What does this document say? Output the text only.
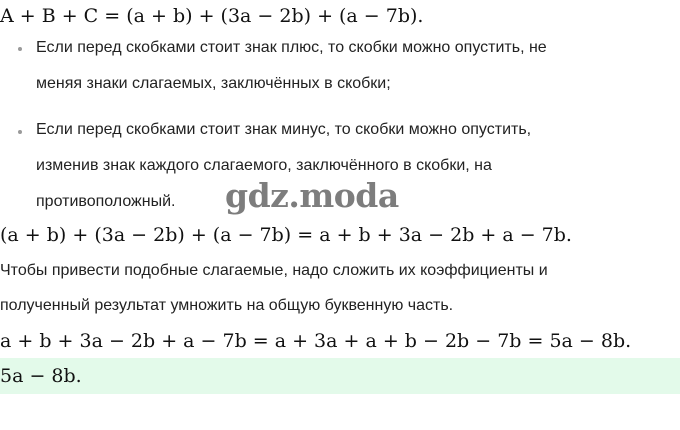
A + B + C = (a + b) + (3a − 2b) + (a − 7b).
Если перед скобками стоит знак плюс, то скобки можно опустить, не
меняя знаки слагаемых, заключённых в скобки;
Если перед скобками стоит знак минус, то скобки можно опустить,
изменив знак каждого слагаемого, заключённого в скобки, на
противоположный. gdz.moda
(a + b) + (3a − 2b) + (a − 7b) = a + b + 3a − 2b + a − 7b.
Чтобы привести подобные слагаемые, надо сложить их коэффициенты и
полученный результат умножить на общую буквенную часть.
a + b + 3a − 2b + a − 7b = a + 3a + a + b − 2b − 7b = 5a − 8b.
5a − 8b.
